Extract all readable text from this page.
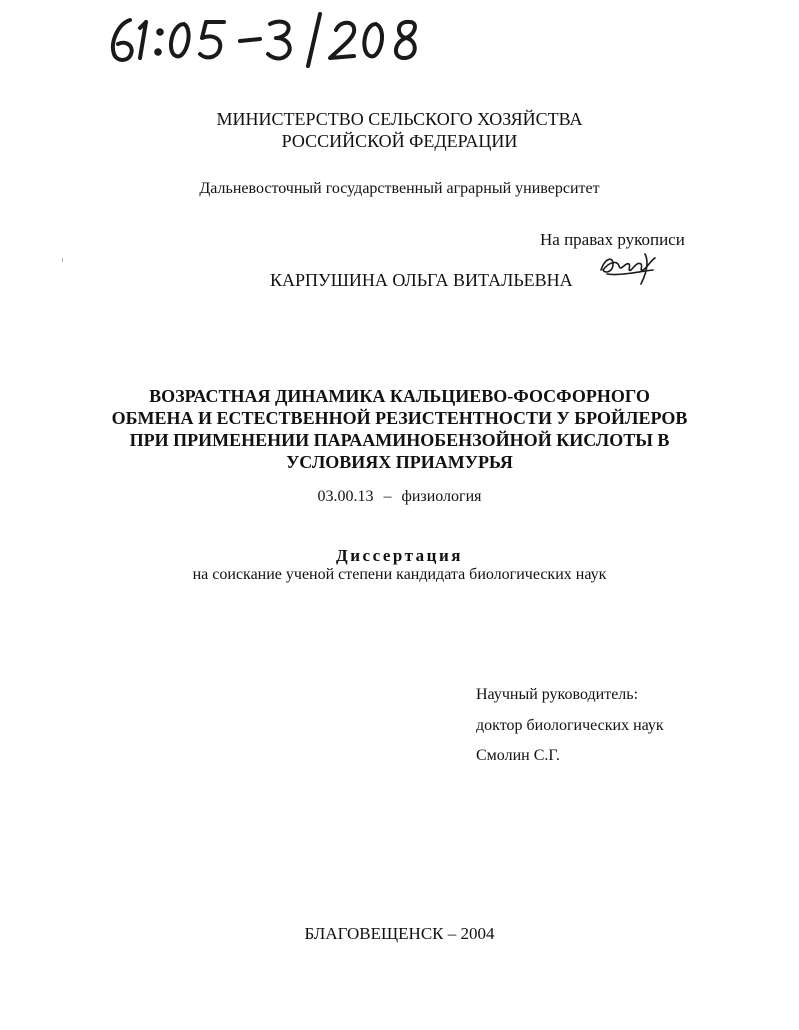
МИНИСТЕРСТВО СЕЛЬСКОГО ХОЗЯЙСТВА
РОССИЙСКОЙ ФЕДЕРАЦИИ
Дальневосточный государственный аграрный университет
На правах рукописи
КАРПУШИНА ОЛЬГА ВИТАЛЬЕВНА
ВОЗРАСТНАЯ ДИНАМИКА КАЛЬЦИЕВО-ФОСФОРНОГО
ОБМЕНА И ЕСТЕСТВЕННОЙ РЕЗИСТЕНТНОСТИ У БРОЙЛЕРОВ
ПРИ ПРИМЕНЕНИИ ПАРААМИНОБЕНЗОЙНОЙ КИСЛОТЫ В
УСЛОВИЯХ ПРИАМУРЬЯ
03.00.13 – физиология
Диссертация
на соискание ученой степени кандидата биологических наук
Научный руководитель:
доктор биологических наук
Смолин С.Г.
БЛАГОВЕЩЕНСК – 2004
